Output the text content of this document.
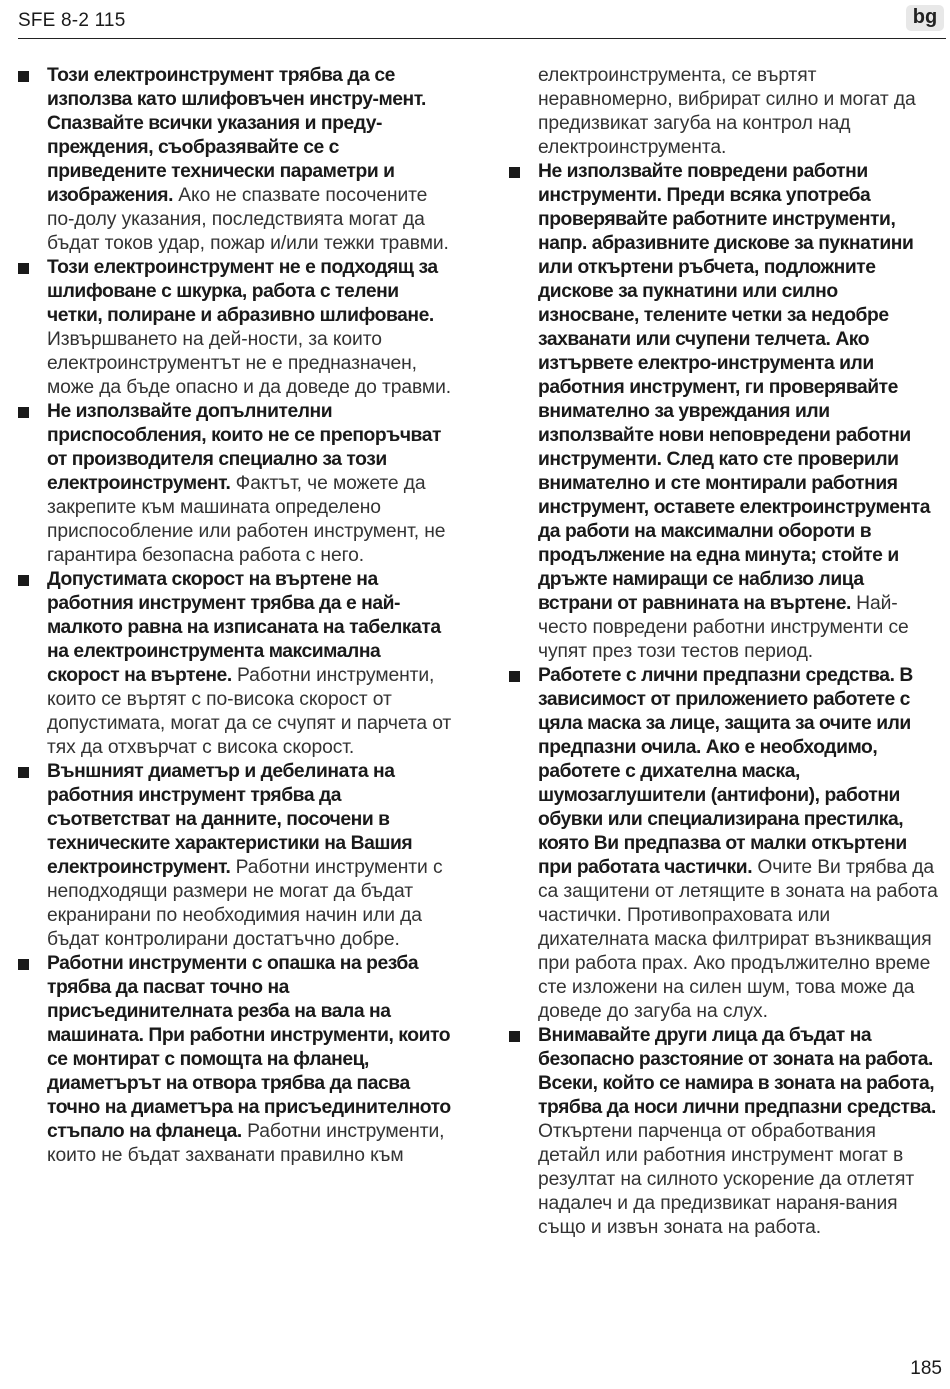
SFE 8-2 115	bg
Този електроинструмент трябва да се използва като шлифовъчен инстру-мент. Спазвайте всички указания и преду-преждения, съобразявайте се с приведените технически параметри и изображения. Ако не спазвате посочените по-долу указания, последствията могат да бъдат токов удар, пожар и/или тежки травми.
Този електроинструмент не е подходящ за шлифоване с шкурка, работа с телени четки, полиране и абразивно шлифоване. Извършването на дей-ности, за които електроинструментът не е предназначен, може да бъде опасно и да доведе до травми.
Не използвайте допълнителни приспособления, които не се препоръчват от производителя специално за този електроинструмент. Фактът, че можете да закрепите към машината определено приспособление или работен инструмент, не гарантира безопасна работа с него.
Допустимата скорост на въртене на работния инструмент трябва да е най-малкото равна на изписаната на табелката на електроинструмента максимална скорост на въртене. Работни инструменти, които се въртят с по-висока скорост от допустимата, могат да се счупят и парчета от тях да отхвърчат с висока скорост.
Външният диаметър и дебелината на работния инструмент трябва да съответстват на данните, посочени в техническите характеристики на Вашия електроинструмент. Работни инструменти с неподходящи размери не могат да бъдат екранирани по необходимия начин или да бъдат контролирани достатъчно добре.
Работни инструменти с опашка на резба трябва да пасват точно на присъединителната резба на вала на машината. При работни инструменти, които се монтират с помощта на фланец, диаметърът на отвора трябва да пасва точно на диаметъра на присъединителното стъпало на фланеца. Работни инструменти, които не бъдат захванати правилно към
електроинструмента, се въртят неравномерно, вибрират силно и могат да предизвикат загуба на контрол над електроинструмента.
Не използвайте повредени работни инструменти. Преди всяка употреба проверявайте работните инструменти, напр. абразивните дискове за пукнатини или откъртени ръбчета, подложните дискове за пукнатини или силно износване, телените четки за недобре захванати или счупени телчета. Ако изтървете електро-инструмента или работния инструмент, ги проверявайте внимателно за увреждания или използвайте нови неповредени работни инструменти. След като сте проверили внимателно и сте монтирали работния инструмент, оставете електроинструмента да работи на максимални обороти в продължение на една минута; стойте и дръжте намиращи се наблизо лица встрани от равнината на въртене. Най-често повредени работни инструменти се чупят през този тестов период.
Работете с лични предпазни средства. В зависимост от приложението работете с цяла маска за лице, защита за очите или предпазни очила. Ако е необходимо, работете с дихателна маска, шумозаглушители (антифони), работни обувки или специализирана престилка, която Ви предпазва от малки откъртени при работата частички. Очите Ви трябва да са защитени от летящите в зоната на работа частички. Противопраховата или дихателната маска филтрират възникващия при работа прах. Ако продължително време сте изложени на силен шум, това може да доведе до загуба на слух.
Внимавайте други лица да бъдат на безопасно разстояние от зоната на работа. Всеки, който се намира в зоната на работа, трябва да носи лични предпазни средства. Откъртени парченца от обработвания детайл или работния инструмент могат в резултат на силното ускорение да отлетят надалеч и да предизвикат нараня-вания също и извън зоната на работа.
185
